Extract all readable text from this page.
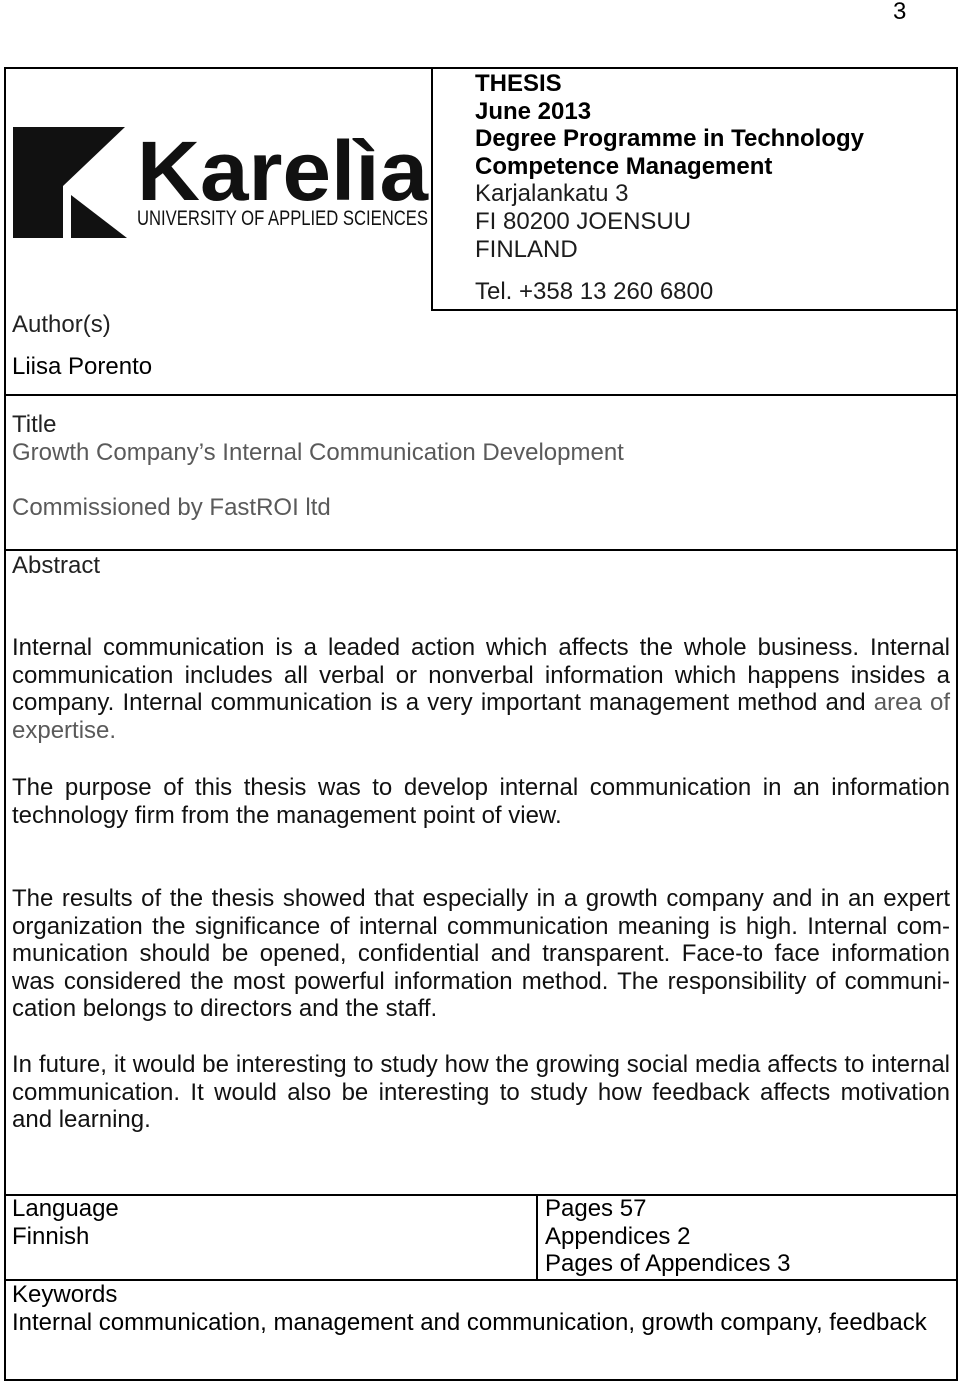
3
Karelìa
UNIVERSITY OF APPLIED SCIENCES
THESIS
June 2013
Degree Programme in Technology
Competence Management
Karjalankatu 3
FI 80200 JOENSUU
FINLAND
Tel. +358 13 260 6800
Author(s)
Liisa Porento
Title
Growth Company’s Internal Communication Development
Commissioned by FastROI ltd
Abstract
Internal communication is a leaded action which affects the whole business. Internal
communication includes all verbal or nonverbal information which happens insides a
company. Internal communication is a very important management method and area of
expertise.
The purpose of this thesis was to develop internal communication in an information
technology firm from the management point of view.
The results of the thesis showed that especially in a growth company and in an expert
organization the significance of internal communication meaning is high. Internal com-
munication should be opened, confidential and transparent. Face-to face information
was considered the most powerful information method. The responsibility of communi-
cation belongs to directors and the staff.
In future, it would be interesting to study how the growing social media affects to internal
communication. It would also be interesting to study how feedback affects motivation
and learning.
Language
Finnish
Pages 57
Appendices 2
Pages of Appendices 3
Keywords
Internal communication, management and communication, growth company, feedback
